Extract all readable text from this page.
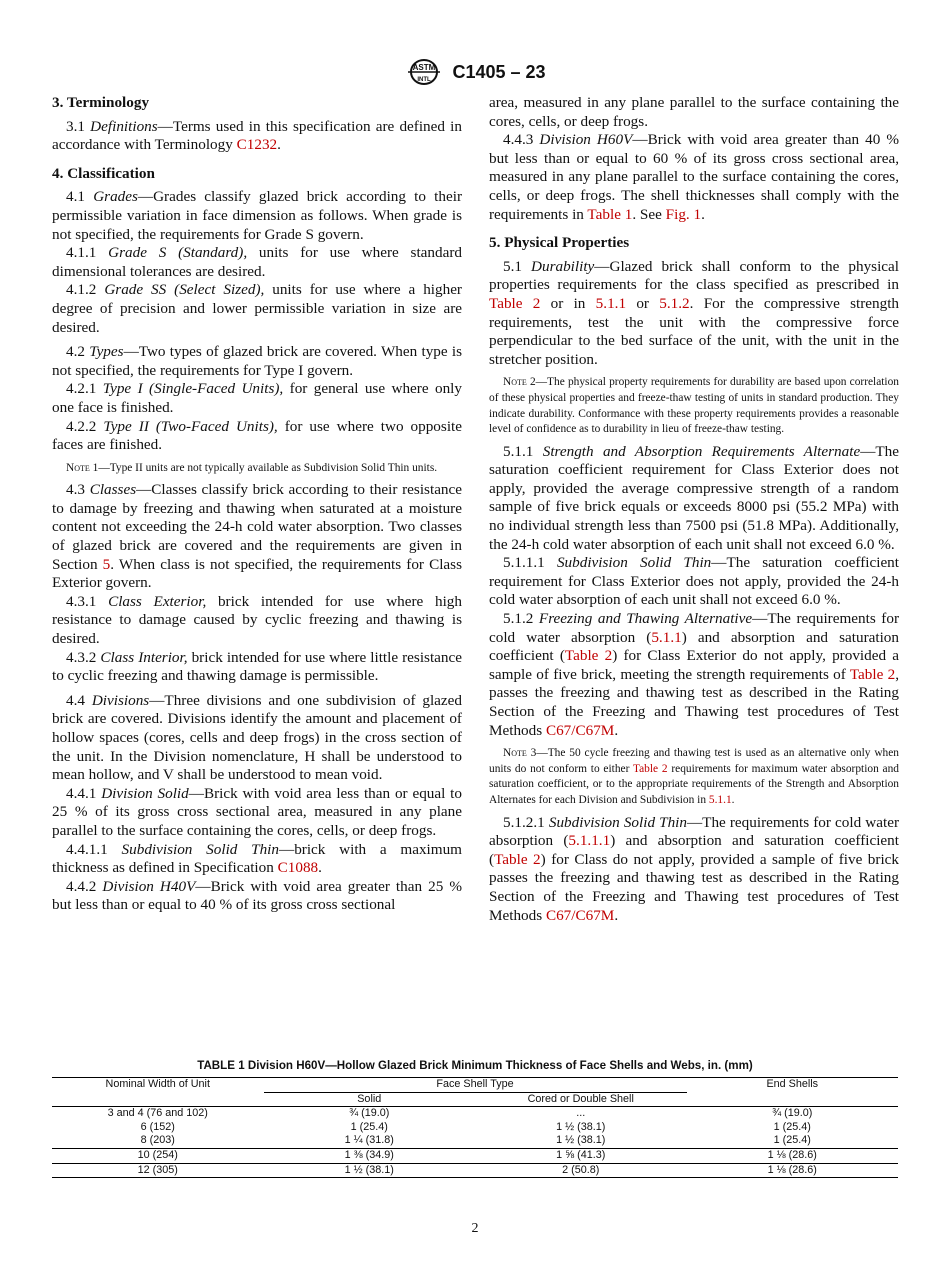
ASTM
INTL C1405 – 23
3. Terminology

3.1 Definitions—Terms used in this specification are defined in accordance with Terminology C1232.

4. Classification

4.1 Grades—Grades classify glazed brick according to their permissible variation in face dimension as follows. When grade is not specified, the requirements for Grade S govern.

4.1.1 Grade S (Standard), units for use where standard dimensional tolerances are desired.

4.1.2 Grade SS (Select Sized), units for use where a higher degree of precision and lower permissible variation in size are desired.

4.2 Types—Two types of glazed brick are covered. When type is not specified, the requirements for Type I govern.

4.2.1 Type I (Single-Faced Units), for general use where only one face is finished.

4.2.2 Type II (Two-Faced Units), for use where two opposite faces are finished.

Note 1—Type II units are not typically available as Subdivision Solid Thin units.

4.3 Classes—Classes classify brick according to their resistance to damage by freezing and thawing when saturated at a moisture content not exceeding the 24-h cold water absorption. Two classes of glazed brick are covered and the requirements are given in Section 5. When class is not specified, the requirements for Class Exterior govern.

4.3.1 Class Exterior, brick intended for use where high resistance to damage caused by cyclic freezing and thawing is desired.

4.3.2 Class Interior, brick intended for use where little resistance to cyclic freezing and thawing damage is permissible.

4.4 Divisions—Three divisions and one subdivision of glazed brick are covered. Divisions identify the amount and placement of hollow spaces (cores, cells and deep frogs) in the cross section of the unit. In the Division nomenclature, H shall be understood to mean hollow, and V shall be understood to mean void.

4.4.1 Division Solid—Brick with void area less than or equal to 25 % of its gross cross sectional area, measured in any plane parallel to the surface containing the cores, cells, or deep frogs.

4.4.1.1 Subdivision Solid Thin—brick with a maximum thickness as defined in Specification C1088.

4.4.2 Division H40V—Brick with void area greater than 25 % but less than or equal to 40 % of its gross cross sectional

area, measured in any plane parallel to the surface containing the cores, cells, or deep frogs.

4.4.3 Division H60V—Brick with void area greater than 40 % but less than or equal to 60 % of its gross cross sectional area, measured in any plane parallel to the surface containing the cores, cells, or deep frogs. The shell thicknesses shall comply with the requirements in Table 1. See Fig. 1.

5. Physical Properties

5.1 Durability—Glazed brick shall conform to the physical properties requirements for the class specified as prescribed in Table 2 or in 5.1.1 or 5.1.2. For the compressive strength requirements, test the unit with the compressive force perpendicular to the bed surface of the unit, with the unit in the stretcher position.

Note 2—The physical property requirements for durability are based upon correlation of these physical properties and freeze-thaw testing of units in standard production. They indicate durability. Conformance with these property requirements provides a reasonable level of confidence as to durability in lieu of freeze-thaw testing.

5.1.1 Strength and Absorption Requirements Alternate—The saturation coefficient requirement for Class Exterior does not apply, provided the average compressive strength of a random sample of five brick equals or exceeds 8000 psi (55.2 MPa) with no individual strength less than 7500 psi (51.8 MPa). Additionally, the 24-h cold water absorption of each unit shall not exceed 6.0 %.

5.1.1.1 Subdivision Solid Thin—The saturation coefficient requirement for Class Exterior does not apply, provided the 24-h cold water absorption of each unit shall not exceed 6.0 %.

5.1.2 Freezing and Thawing Alternative—The requirements for cold water absorption (5.1.1) and absorption and saturation coefficient (Table 2) for Class Exterior do not apply, provided a sample of five brick, meeting the strength requirements of Table 2, passes the freezing and thawing test as described in the Rating Section of the Freezing and Thawing test procedures of Test Methods C67/C67M.

Note 3—The 50 cycle freezing and thawing test is used as an alternative only when units do not conform to either Table 2 requirements for maximum water absorption and saturation coefficient, or to the appropriate requirements of the Strength and Absorption Alternates for each Division and Subdivision in 5.1.1.

5.1.2.1 Subdivision Solid Thin—The requirements for cold water absorption (5.1.1.1) and absorption and saturation coefficient (Table 2) for Class do not apply, provided a sample of five brick passes the freezing and thawing test as described in the Rating Section of the Freezing and Thawing test procedures of Test Methods C67/C67M.

TABLE 1 Division H60V—Hollow Glazed Brick Minimum Thickness of Face Shells and Webs, in. (mm)
Nominal Width of Unit	Face Shell Type		End Shells
	Solid	Cored or Double Shell	
3 and 4 (76 and 102)	¾ (19.0)	...	¾ (19.0)
6 (152)	1 (25.4)	1 ½ (38.1)	1 (25.4)
8 (203)	1 ¼ (31.8)	1 ½ (38.1)	1 (25.4)
10 (254)	1 ⅜ (34.9)	1 ⅝ (41.3)	1 ⅛ (28.6)
12 (305)	1 ½ (38.1)	2 (50.8)	1 ⅛ (28.6)
2
